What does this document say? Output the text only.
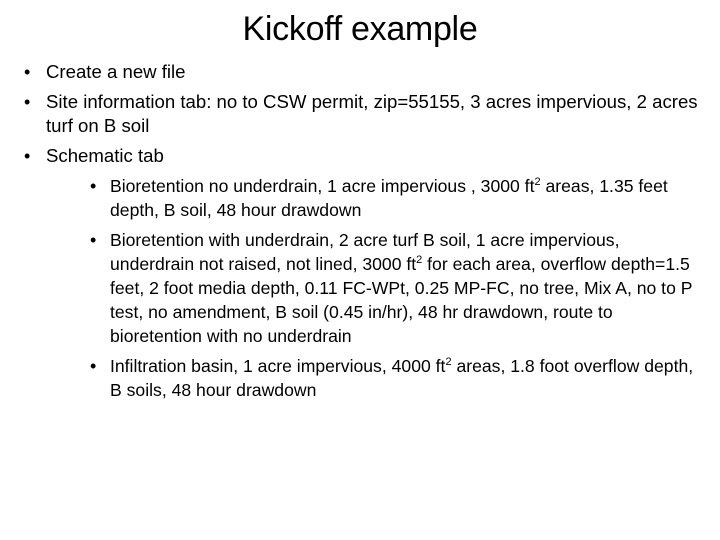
Kickoff example

• Create a new file

• Site information tab: no to CSW permit, zip=55155, 3 acres impervious, 2 acres turf on B soil

• Schematic tab

• Bioretention no underdrain, 1 acre impervious , 3000 $ft^2$ areas, 1.35 feet depth, B soil, 48 hour drawdown

• Bioretention with underdrain, 2 acre turf B soil, 1 acre impervious, underdrain not raised, not lined, 3000 $ft^2$ for each area, overflow depth=1.5 feet, 2 foot media depth, 0.11 FC-WPt, 0.25 MP-FC, no tree, Mix A, no to P test, no amendment, B soil (0.45 in/hr), 48 hr drawdown, route to bioretention with no underdrain

• Infiltration basin, 1 acre impervious, 4000 $ft^2$ areas, 1.8 foot overflow depth, B soils, 48 hour drawdown
